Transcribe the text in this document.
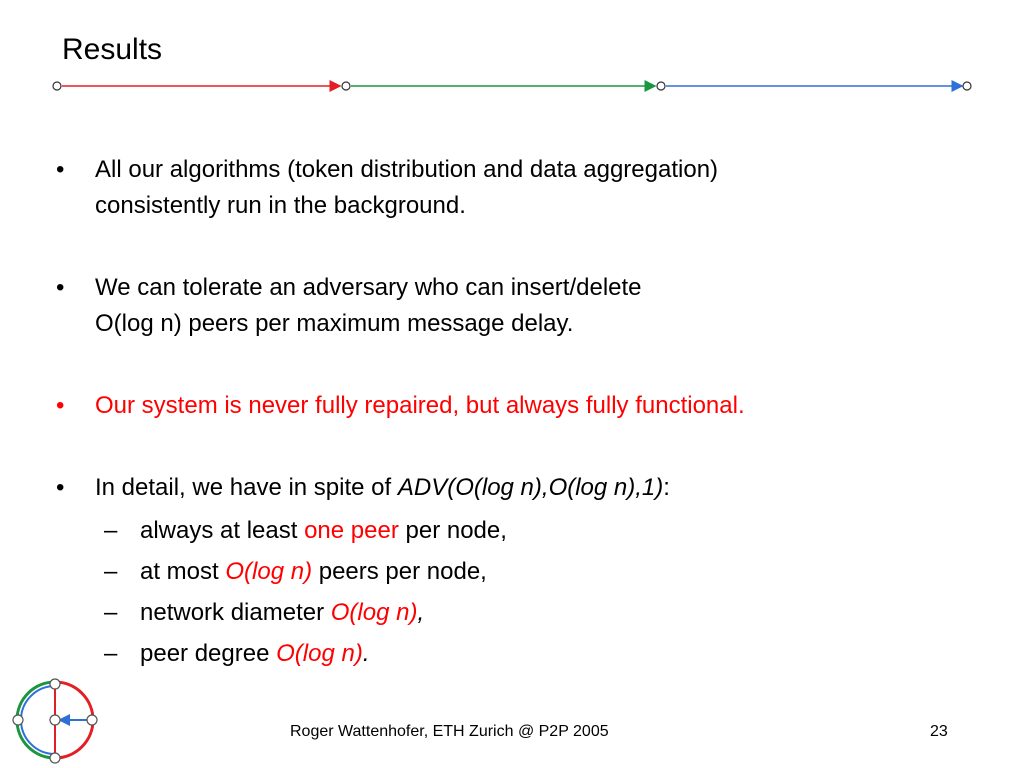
Results
• All our algorithms (token distribution and data aggregation)
consistently run in the background.
• We can tolerate an adversary who can insert/delete
O(log n) peers per maximum message delay.
• Our system is never fully repaired, but always fully functional.
• In detail, we have in spite of ADV(O(log n),O(log n),1):
– always at least one peer per node,
– at most O(log n) peers per node,
– network diameter O(log n),
– peer degree O(log n).
Roger Wattenhofer, ETH Zurich @ P2P 2005	23
